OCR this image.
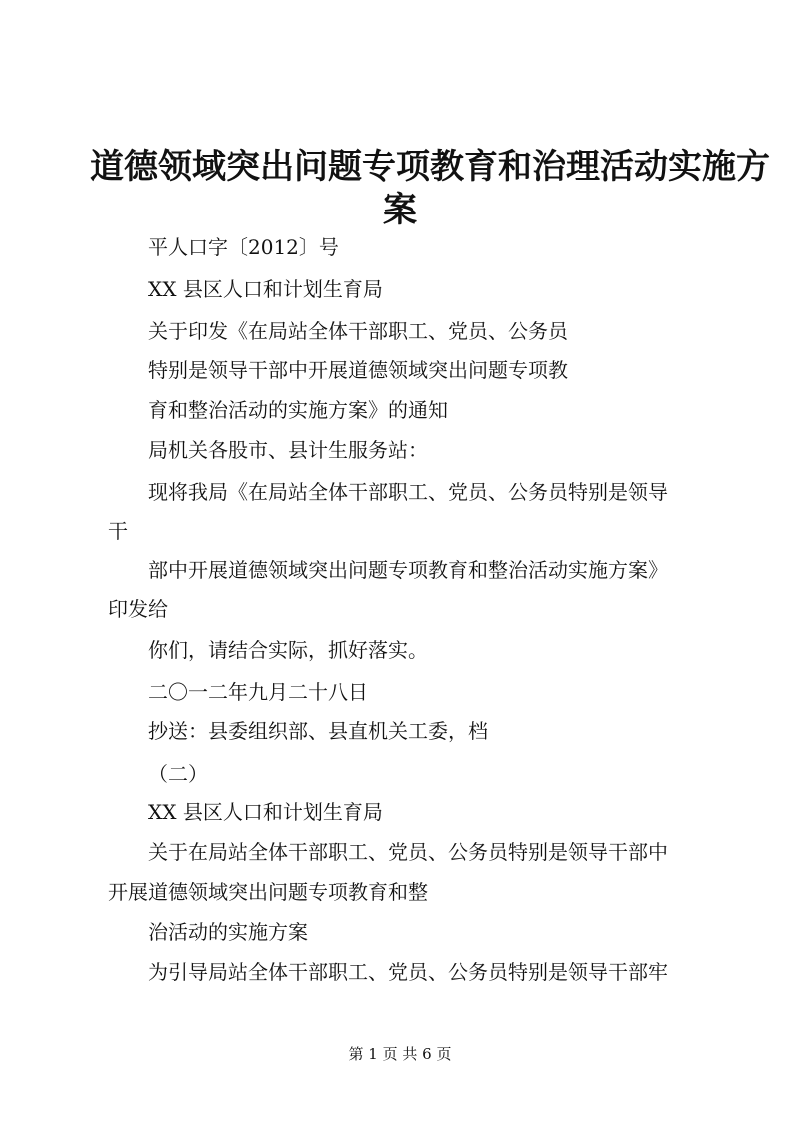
道德领域突出问题专项教育和治理活动实施方
案
平人口字〔2012〕号
XX 县区人口和计划生育局
关于印发《在局站全体干部职工、党员、公务员
特别是领导干部中开展道德领域突出问题专项教
育和整治活动的实施方案》的通知
局机关各股市、县计生服务站：
现将我局《在局站全体干部职工、党员、公务员特别是领导
干
部中开展道德领域突出问题专项教育和整治活动实施方案》
印发给
你们，请结合实际，抓好落实。
二〇一二年九月二十八日
抄送：县委组织部、县直机关工委，档
（二）
XX 县区人口和计划生育局
关于在局站全体干部职工、党员、公务员特别是领导干部中
开展道德领域突出问题专项教育和整
治活动的实施方案
为引导局站全体干部职工、党员、公务员特别是领导干部牢
第 1 页 共 6 页
